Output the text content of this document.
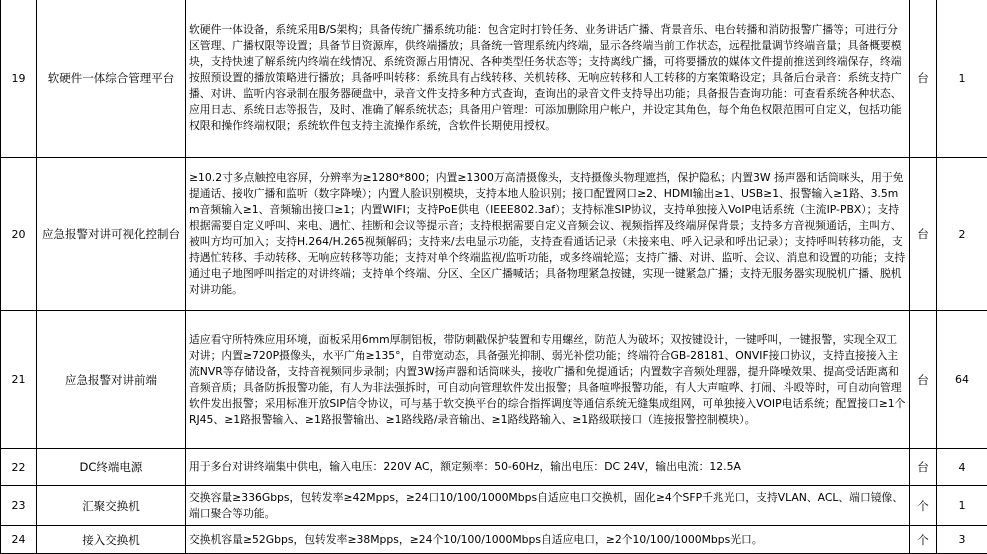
19	软硬件一体综合管理平台	软硬件一体设备，系统采用B/S架构；具备传统广播系统功能：包含定时打铃任务、业务讲话广播、背景音乐、电台转播和消防报警广播等；可进行分区管理、广播权限等设置；具备节目资源库，供终端播放；具备统一管理系统内终端，显示各终端当前工作状态，远程批量调节终端音量；具备概要模块，支持快速了解系统内终端在线情况、系统资源占用情况、各种类型任务状态等；支持离线广播，可将要播放的媒体文件提前推送到终端保存，终端按照预设置的播放策略进行播放；具备呼叫转移：系统具有占线转移、关机转移、无响应转移和人工转移的方案策略设定；具备后台录音：系统支持广播、对讲、监听内容录制在服务器硬盘中，录音文件支持多种方式查询，查询出的录音文件支持导出功能；具备报告查询功能：可查看系统各种状态、应用日志、系统日志等报告，及时、准确了解系统状态；具备用户管理：可添加删除用户帐户，并设定其角色，每个角色权限范围可自定义，包括功能权限和操作终端权限；系统软件包支持主流操作系统，含软件长期使用授权。	台	1
20	应急报警对讲可视化控制台	≥10.2寸多点触控电容屏，分辨率为≥1280*800；内置≥1300万高清摄像头，支持摄像头物理遮挡，保护隐私；内置3W 扬声器和话筒咪头，用于免提通话、接收广播和监听（数字降噪）；内置人脸识别模块，支持本地人脸识别；接口配置网口≥2、HDMI输出≥1、USB≥1、报警输入≥1路、3.5mm音频输入≥1、音频输出接口≥1；内置WIFI；支持PoE供电（IEEE802.3af）；支持标准SIP协议，支持单独接入VoIP电话系统（主流IP-PBX）；支持根据需要自定义呼叫、来电、遇忙、挂断和会议等提示音；支持根据需要自定义音频会议、视频指挥及终端屏保背景；支持多方音视频通话，主叫方、被叫方均可加入；支持H.264/H.265视频解码；支持来/去电显示功能，支持查看通话记录（未接来电、呼入记录和呼出记录）；支持呼叫转移功能，支持遇忙转移、手动转移、无响应转移等功能；支持对单个终端监视/监听功能，或多终端轮巡；支持广播、对讲、监听、会议、消息和设置的功能；支持通过电子地图呼叫指定的对讲终端；支持单个终端、分区、全区广播喊话；具备物理紧急按键，实现一键紧急广播；支持无服务器实现脱机广播、脱机对讲功能。	台	2
21	应急报警对讲前端	适应看守所特殊应用环境，面板采用6mm厚制铝板，带防刺戳保护装置和专用螺丝，防范人为破坏；双按键设计，一键呼叫，一键报警，实现全双工对讲；内置≥720P摄像头，水平广角≥135°，自带宽动态，具备强光抑制、弱光补偿功能；终端符合GB-28181、ONVIF接口协议，支持直接接入主流NVR等存储设备，支持音视频同步录制；内置3W扬声器和话筒咪头，接收广播和免提通话；内置数字音频处理器，提升降噪效果、提高受话距离和音频音质；具备防拆报警功能，有人为非法强拆时，可自动向管理软件发出报警；具备喧哗报警功能，有人大声喧哗、打闹、斗殴等时，可自动向管理软件发出报警；采用标准开放SIP信令协议，可与基于软交换平台的综合指挥调度等通信系统无缝集成组网，可单独接入VOIP电话系统；配置接口≥1个RJ45、≥1路报警输入、≥1路报警输出、≥1路线路/录音输出、≥1路线路输入、≥1路级联接口（连接报警控制模块）。	台	64
22	DC终端电源	用于多台对讲终端集中供电，输入电压：220V AC，额定频率：50-60Hz，输出电压：DC 24V，输出电流：12.5A	台	4
23	汇聚交换机	交换容量≥336Gbps，包转发率≥42Mpps，≥24口10/100/1000Mbps自适应电口交换机，固化≥4个SFP千兆光口，支持VLAN、ACL、端口镜像、端口聚合等功能。	个	1
24	接入交换机	交换机容量≥52Gbps，包转发率≥38Mpps，≥24个10/100/1000Mbps自适应电口，≥2个10/100/1000Mbps光口。	个	3
